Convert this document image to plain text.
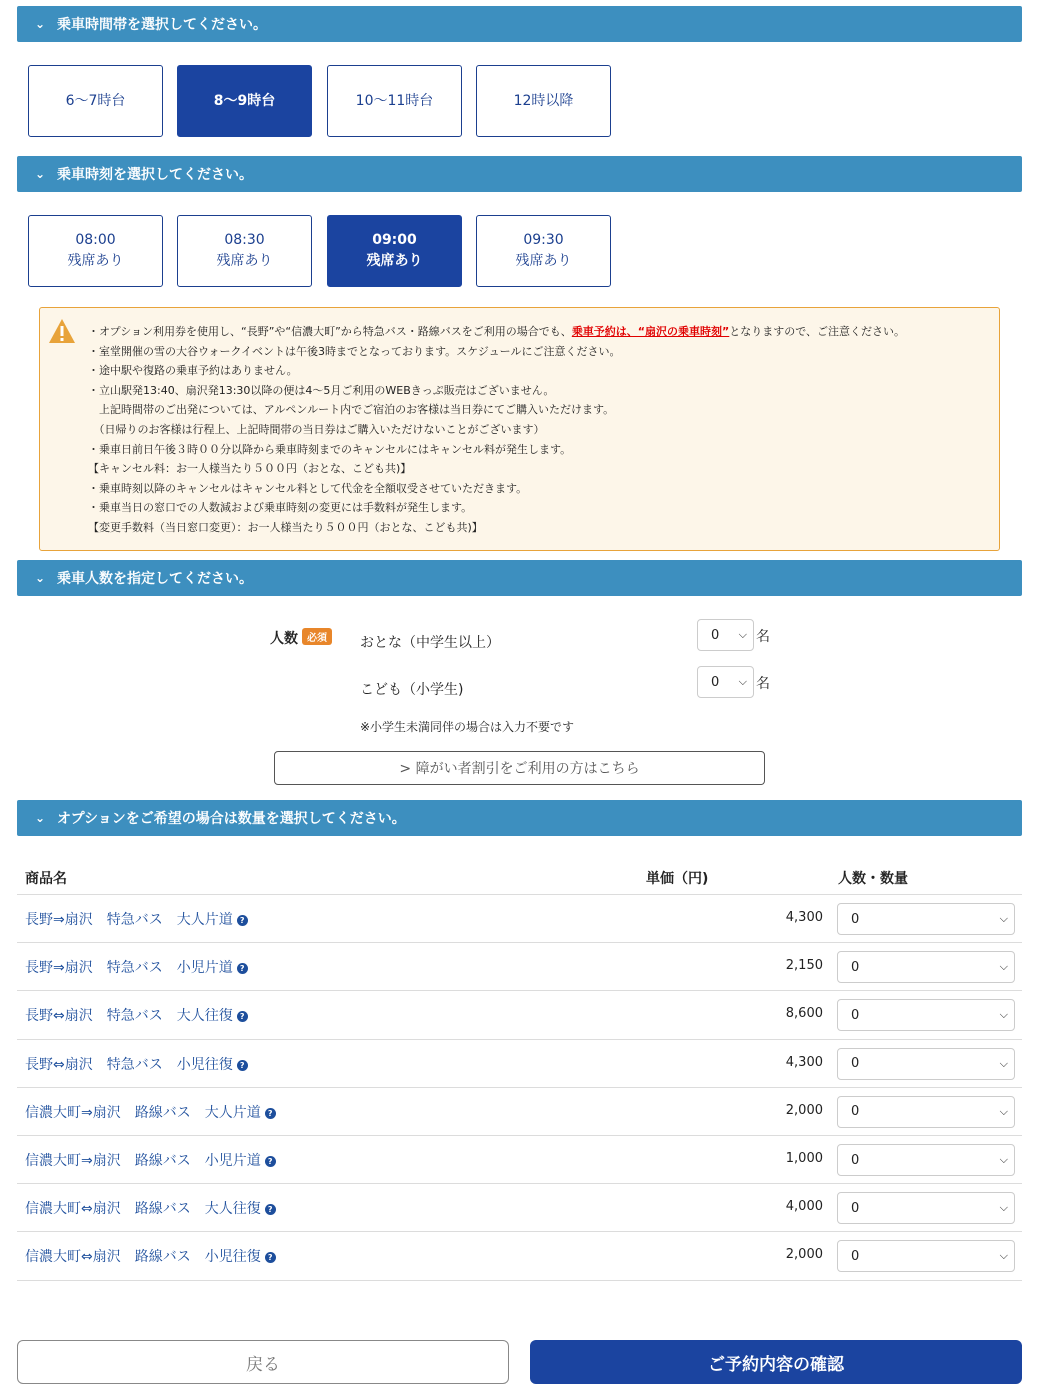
⌄ 乗車時間帯を選択してください。
6〜7時台	8〜9時台	10〜11時台	12時以降
⌄ 乗車時刻を選択してください。
08:00
残席あり
08:30
残席あり
09:00
残席あり
09:30
残席あり
・オプション利用券を使用し、“長野”や“信濃大町”から特急バス・路線バスをご利用の場合でも、乗車予約は、“扇沢の乗車時刻”となりますので、ご注意ください。
・室堂開催の雪の大谷ウォークイベントは午後3時までとなっております。スケジュールにご注意ください。
・途中駅や復路の乗車予約はありません。
・立山駅発13:40、扇沢発13:30以降の便は4〜5月ご利用のWEBきっぷ販売はございません。
　上記時間帯のご出発については、アルペンルート内でご宿泊のお客様は当日券にてご購入いただけます。
　（日帰りのお客様は行程上、上記時間帯の当日券はご購入いただけないことがございます）
・乗車日前日午後３時００分以降から乗車時刻までのキャンセルにはキャンセル料が発生します。
【キャンセル料：お一人様当たり５００円（おとな、こども共)】
・乗車時刻以降のキャンセルはキャンセル料として代金を全額収受させていただきます。
・乗車当日の窓口での人数減および乗車時刻の変更には手数料が発生します。
【変更手数料（当日窓口変更）：お一人様当たり５００円（おとな、こども共)】
⌄ 乗車人数を指定してください。
人数 必須	おとな（中学生以上）	0 ⌵ 名
こども（小学生)	0 ⌵ 名
※小学生未満同伴の場合は入力不要です
> 障がい者割引をご利用の方はこちら
⌄ オプションをご希望の場合は数量を選択してください。
商品名	単価（円)	人数・数量
長野⇒扇沢　特急バス　大人片道 ?	4,300 0	⌵
長野⇒扇沢　特急バス　小児片道 ?	2,150 0	⌵
長野⇔扇沢　特急バス　大人往復 ?	8,600 0	⌵
長野⇔扇沢　特急バス　小児往復 ?	4,300 0	⌵
信濃大町⇒扇沢　路線バス　大人片道 ?	2,000 0	⌵
信濃大町⇒扇沢　路線バス　小児片道 ?	1,000 0	⌵
信濃大町⇔扇沢　路線バス　大人往復 ?	4,000 0	⌵
信濃大町⇔扇沢　路線バス　小児往復 ?	2,000 0	⌵
戻る	ご予約内容の確認
